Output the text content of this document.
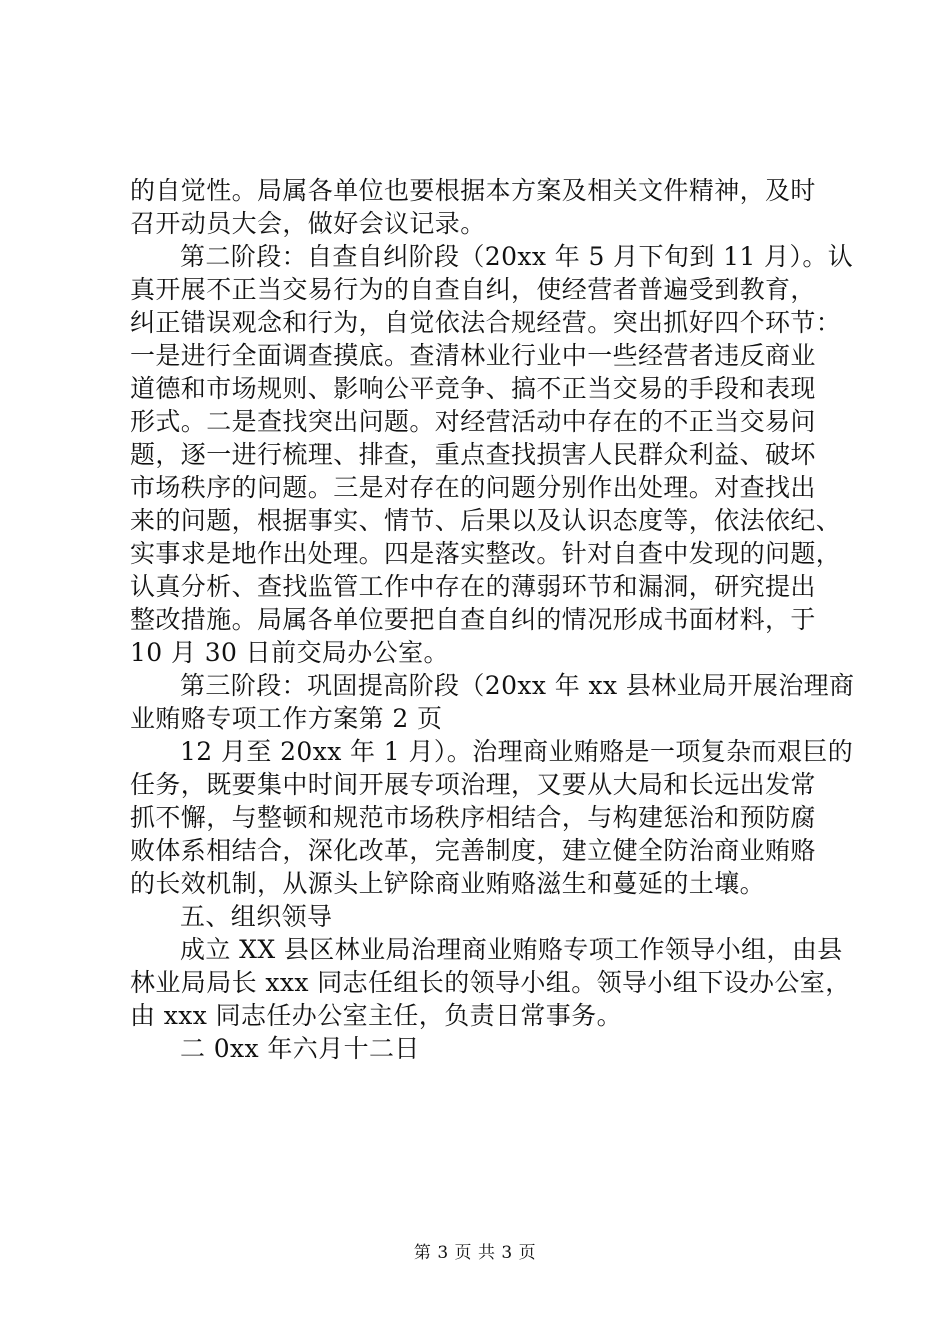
的自觉性。局属各单位也要根据本方案及相关文件精神，及时
召开动员大会，做好会议记录。
第二阶段：自查自纠阶段（20xx 年 5 月下旬到 11 月）。认
真开展不正当交易行为的自查自纠，使经营者普遍受到教育，
纠正错误观念和行为，自觉依法合规经营。突出抓好四个环节：
一是进行全面调查摸底。查清林业行业中一些经营者违反商业
道德和市场规则、影响公平竞争、搞不正当交易的手段和表现
形式。二是查找突出问题。对经营活动中存在的不正当交易问
题，逐一进行梳理、排查，重点查找损害人民群众利益、破坏
市场秩序的问题。三是对存在的问题分别作出处理。对查找出
来的问题，根据事实、情节、后果以及认识态度等，依法依纪、
实事求是地作出处理。四是落实整改。针对自查中发现的问题，
认真分析、查找监管工作中存在的薄弱环节和漏洞，研究提出
整改措施。局属各单位要把自查自纠的情况形成书面材料，于
10 月 30 日前交局办公室。
第三阶段：巩固提高阶段（20xx 年 xx 县林业局开展治理商
业贿赂专项工作方案第 2 页
12 月至 20xx 年 1 月）。治理商业贿赂是一项复杂而艰巨的
任务，既要集中时间开展专项治理，又要从大局和长远出发常
抓不懈，与整顿和规范市场秩序相结合，与构建惩治和预防腐
败体系相结合，深化改革，完善制度，建立健全防治商业贿赂
的长效机制，从源头上铲除商业贿赂滋生和蔓延的土壤。
五、组织领导
成立 XX 县区林业局治理商业贿赂专项工作领导小组，由县
林业局局长 xxx 同志任组长的领导小组。领导小组下设办公室，
由 xxx 同志任办公室主任，负责日常事务。
二 0xx 年六月十二日
第 3 页 共 3 页
